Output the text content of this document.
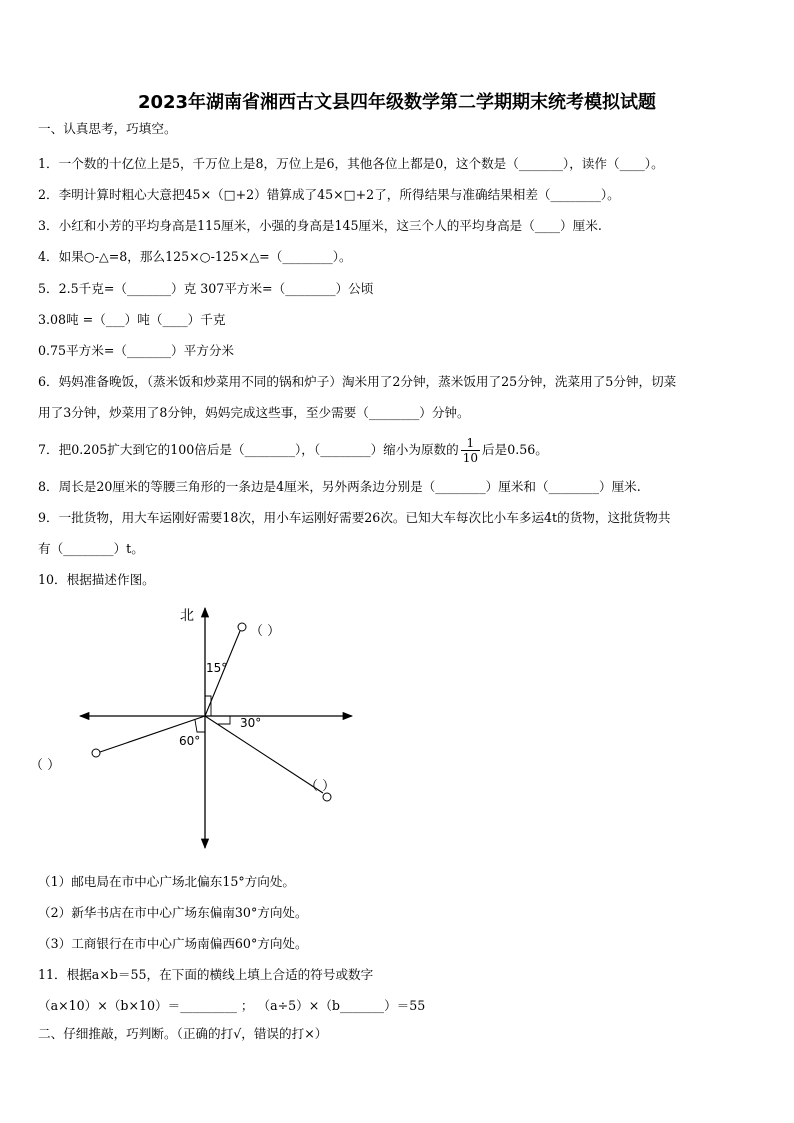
2023年湖南省湘西古文县四年级数学第二学期期末统考模拟试题
一、认真思考，巧填空。
1．一个数的十亿位上是5，千万位上是8，万位上是6，其他各位上都是0，这个数是（_______），读作（____）。
2．李明计算时粗心大意把45×（□+2）错算成了45×□+2了，所得结果与准确结果相差（________）。
3．小红和小芳的平均身高是115厘米，小强的身高是145厘米，这三个人的平均身高是（____）厘米.
4．如果○-△=8，那么125×○-125×△=（________）。
5．2.5千克=（_______）克 307平方米=（________）公顷
3.08吨 =（___）吨（____）千克
0.75平方米=（_______）平方分米
6．妈妈准备晚饭，（蒸米饭和炒菜用不同的锅和炉子）淘米用了2分钟，蒸米饭用了25分钟，洗菜用了5分钟，切菜
用了3分钟，炒菜用了8分钟，妈妈完成这些事，至少需要（________）分钟。
7．把0.205扩大到它的100倍后是（________），（________）缩小为原数的 $\frac{1}{10}$ 后是0.56。
8．周长是20厘米的等腰三角形的一条边是4厘米，另外两条边分别是（________）厘米和（________）厘米.
9．一批货物，用大车运刚好需要18次，用小车运刚好需要26次。已知大车每次比小车多运4t的货物，这批货物共
有（________）t。
10．根据描述作图。
北
15°
30°
60°
（ ）
（ ）
（ ）
（1）邮电局在市中心广场北偏东15°方向处。
（2）新华书店在市中心广场东偏南30°方向处。
（3）工商银行在市中心广场南偏西60°方向处。
11．根据a×b＝55，在下面的横线上填上合适的符号或数字
（a×10）×（b×10）＝_________ ； （a÷5）×（b_______）＝55
二、仔细推敲，巧判断。（正确的打√，错误的打×）
